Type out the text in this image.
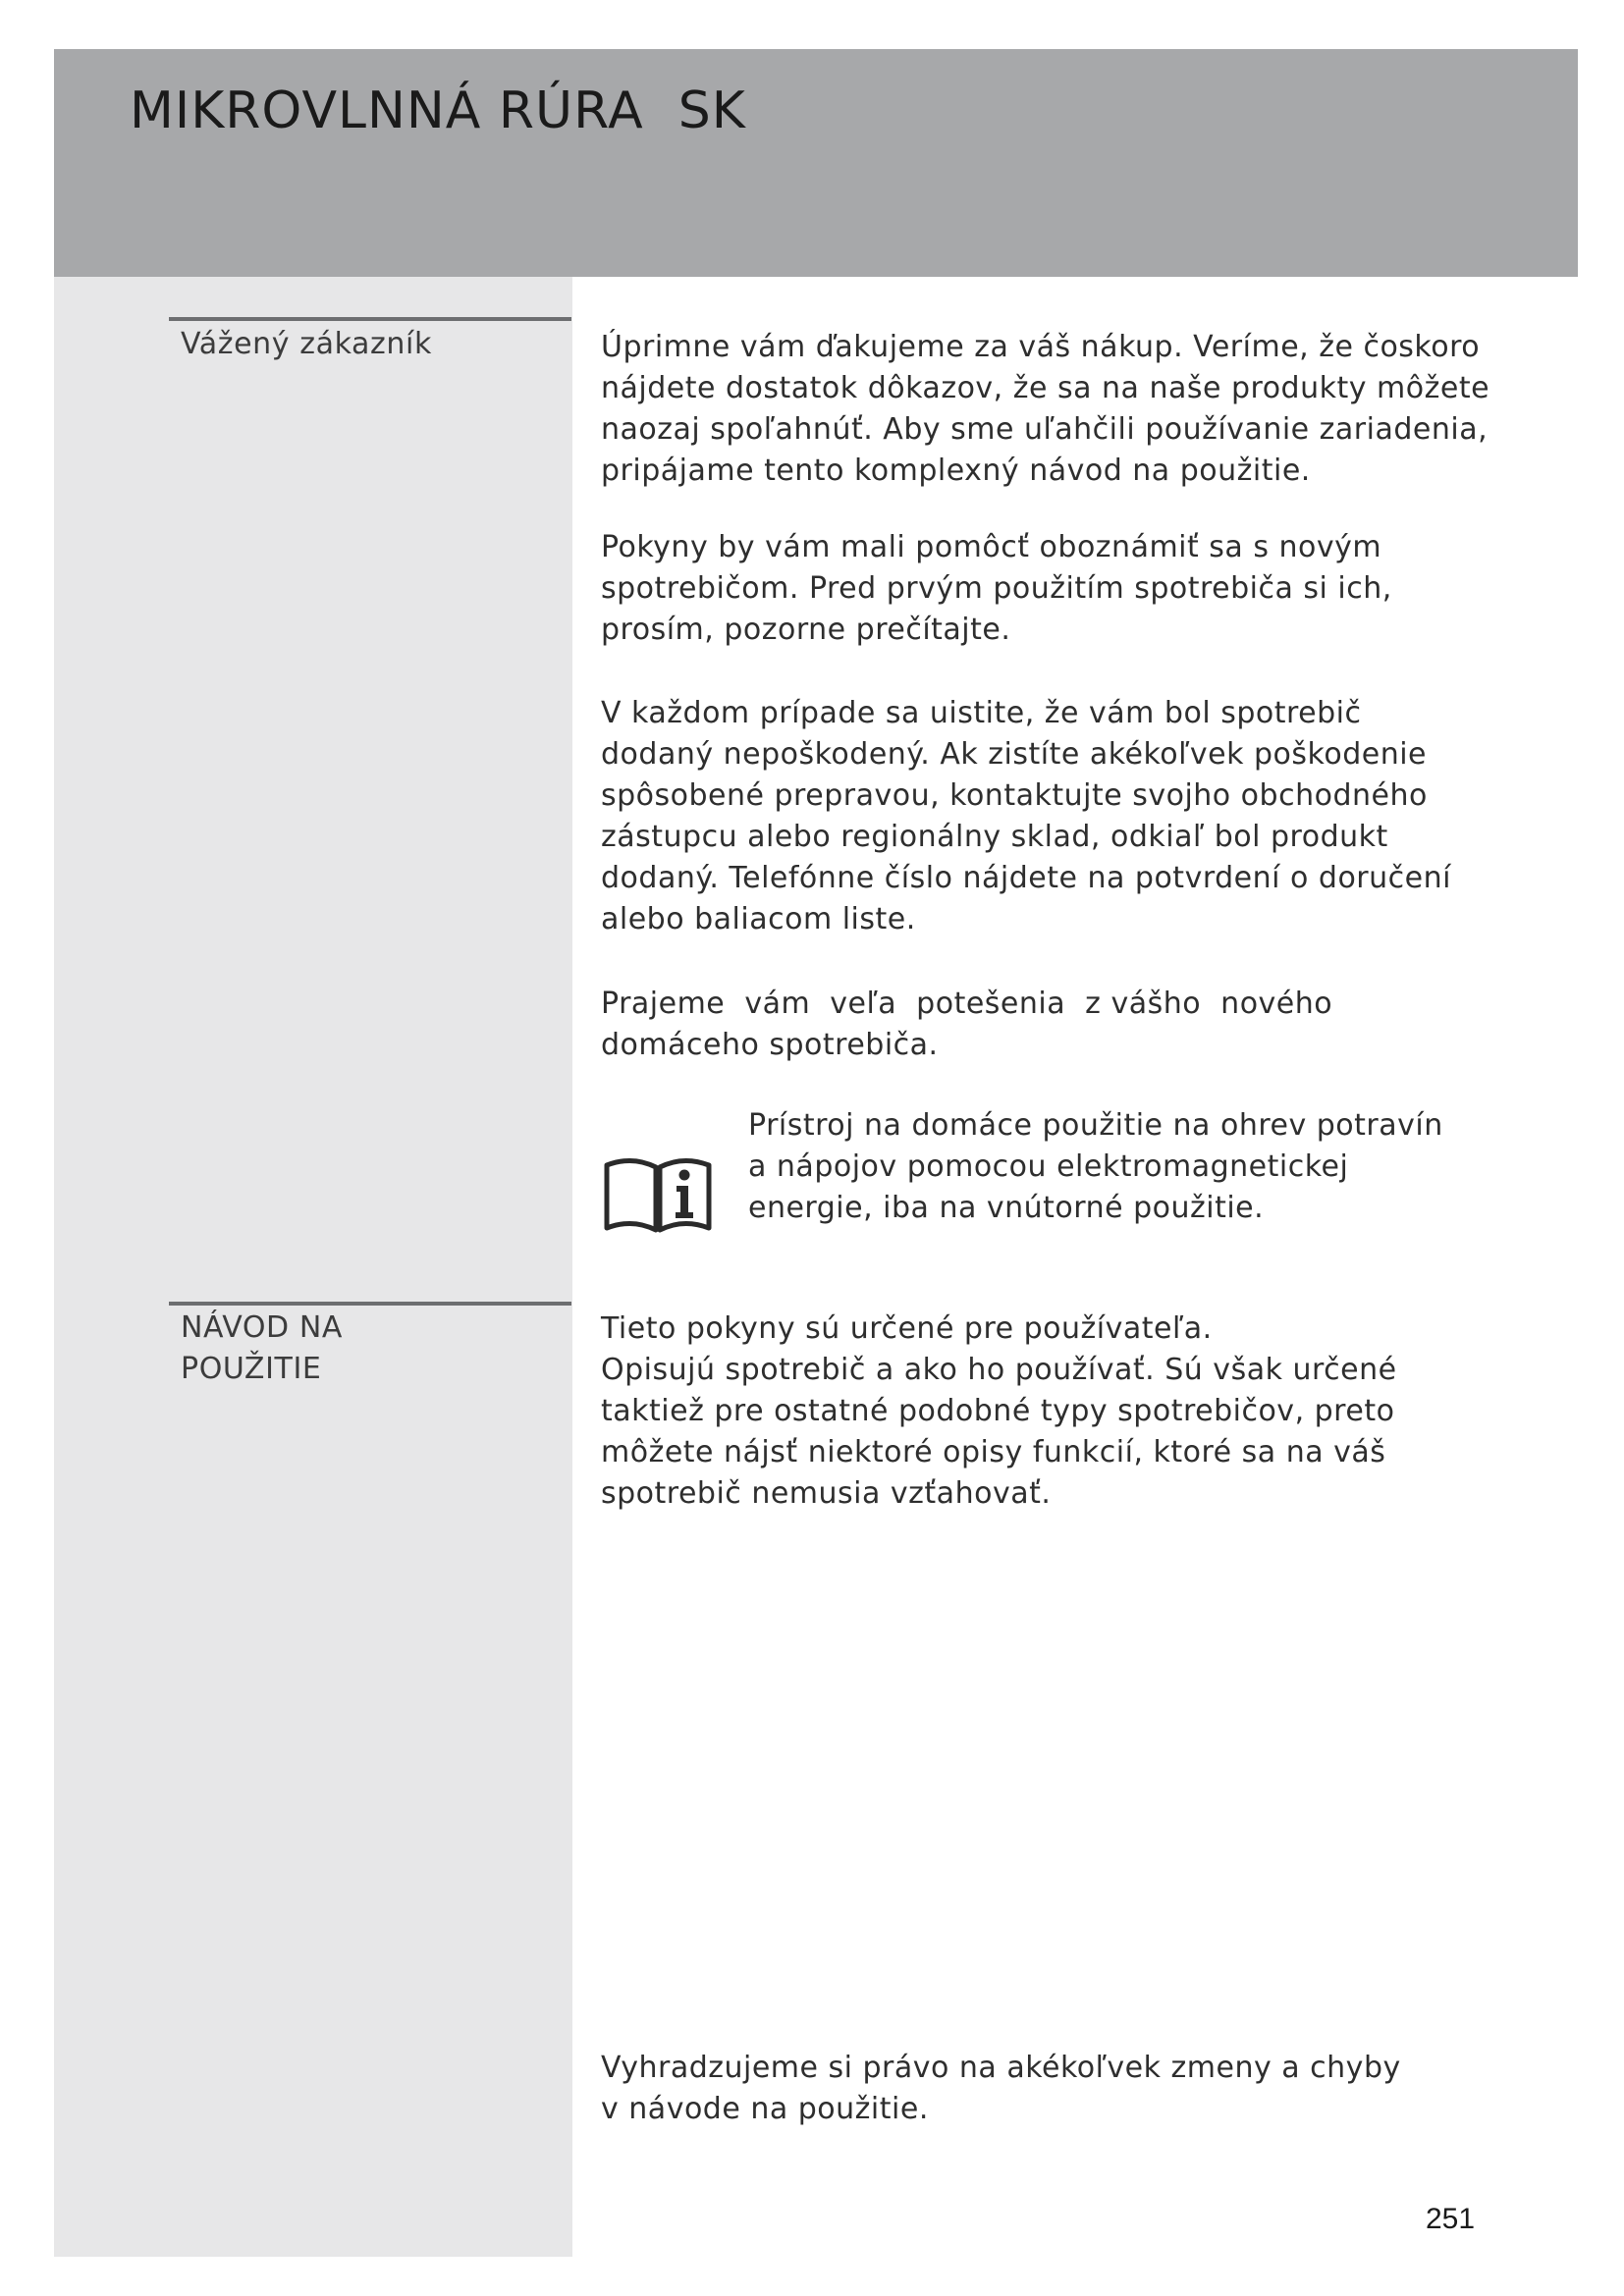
MIKROVLNNÁ RÚRA  SK

Vážený zákazník	Úprimne vám ďakujeme za váš nákup. Veríme, že čoskoro
nájdete dostatok dôkazov, že sa na naše produkty môžete
naozaj spoľahnúť. Aby sme uľahčili používanie zariadenia,
pripájame tento komplexný návod na použitie.

Pokyny by vám mali pomôcť oboznámiť sa s novým
spotrebičom. Pred prvým použitím spotrebiča si ich,
prosím, pozorne prečítajte.

V každom prípade sa uistite, že vám bol spotrebič
dodaný nepoškodený. Ak zistíte akékoľvek poškodenie
spôsobené prepravou, kontaktujte svojho obchodného
zástupcu alebo regionálny sklad, odkiaľ bol produkt
dodaný. Telefónne číslo nájdete na potvrdení o doručení
alebo baliacom liste.

Prajeme  vám  veľa  potešenia  z vášho  nového
domáceho spotrebiča.

Prístroj na domáce použitie na ohrev potravín
a nápojov pomocou elektromagnetickej
energie, iba na vnútorné použitie.

NÁVOD NA
POUŽITIE

Tieto pokyny sú určené pre používateľa.
Opisujú spotrebič a ako ho používať. Sú však určené
taktiež pre ostatné podobné typy spotrebičov, preto
môžete nájsť niektoré opisy funkcií, ktoré sa na váš
spotrebič nemusia vzťahovať.

Vyhradzujeme si právo na akékoľvek zmeny a chyby
v návode na použitie.

251
